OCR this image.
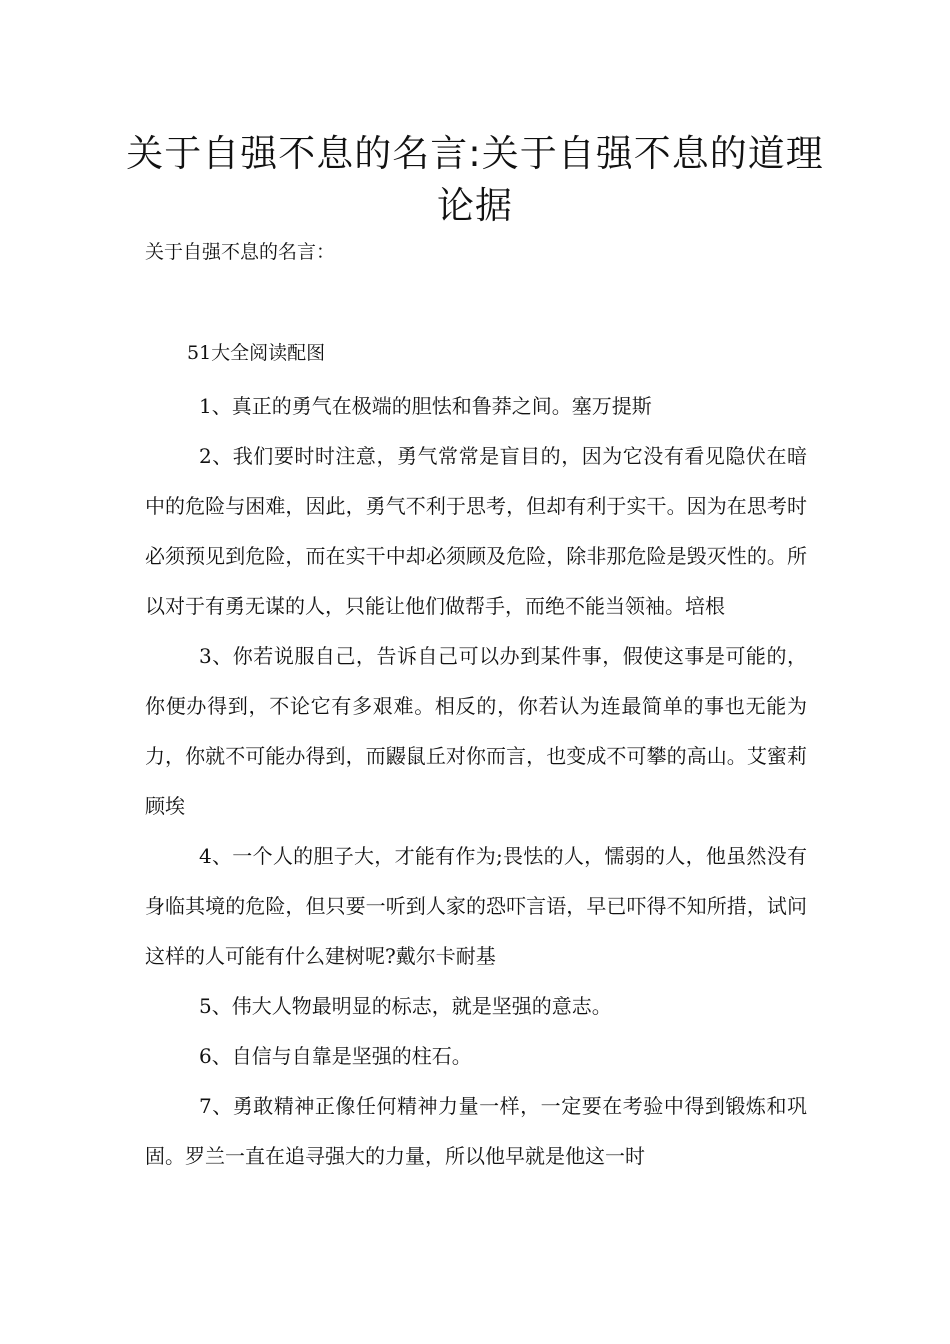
关于自强不息的名言:关于自强不息的道理论据

关于自强不息的名言：

51大全阅读配图

1、真正的勇气在极端的胆怯和鲁莽之间。塞万提斯

2、我们要时时注意，勇气常常是盲目的，因为它没有看见隐伏在暗中的危险与困难，因此，勇气不利于思考，但却有利于实干。因为在思考时必须预见到危险，而在实干中却必须顾及危险，除非那危险是毁灭性的。所以对于有勇无谋的人，只能让他们做帮手，而绝不能当领袖。培根

3、你若说服自己，告诉自己可以办到某件事，假使这事是可能的，你便办得到，不论它有多艰难。相反的，你若认为连最简单的事也无能为力，你就不可能办得到，而鼹鼠丘对你而言，也变成不可攀的高山。艾蜜莉顾埃

4、一个人的胆子大，才能有作为;畏怯的人，懦弱的人，他虽然没有身临其境的危险，但只要一听到人家的恐吓言语，早已吓得不知所措，试问这样的人可能有什么建树呢?戴尔卡耐基

5、伟大人物最明显的标志，就是坚强的意志。

6、自信与自靠是坚强的柱石。

7、勇敢精神正像任何精神力量一样，一定要在考验中得到锻炼和巩固。罗兰一直在追寻强大的力量，所以他早就是他这一时
